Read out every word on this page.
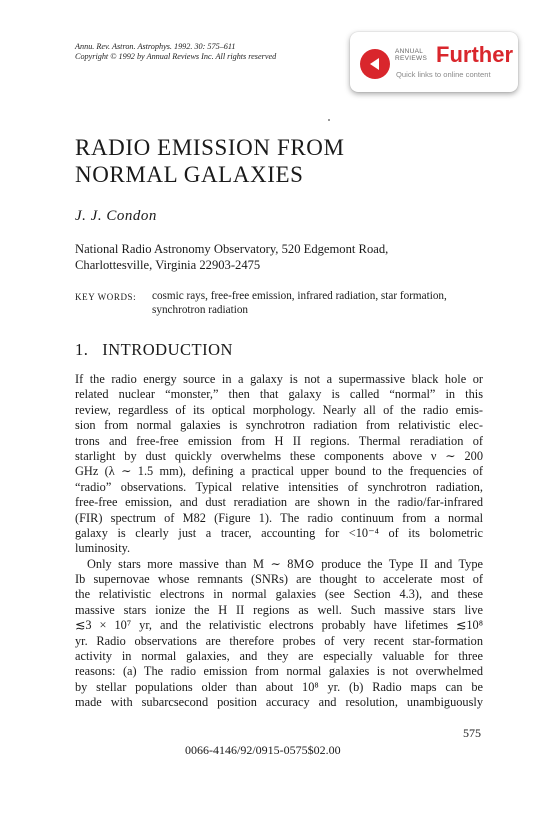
Annu. Rev. Astron. Astrophys. 1992. 30: 575–611
Copyright © 1992 by Annual Reviews Inc. All rights reserved
ANNUAL
REVIEWS Further
Quick links to online content
RADIO EMISSION FROM
NORMAL GALAXIES
J. J. Condon
National Radio Astronomy Observatory, 520 Edgemont Road,
Charlottesville, Virginia 22903-2475
KEY WORDS: cosmic rays, free-free emission, infrared radiation, star formation,
synchrotron radiation
1. INTRODUCTION
If the radio energy source in a galaxy is not a supermassive black hole or
related nuclear “monster,” then that galaxy is called “normal” in this
review, regardless of its optical morphology. Nearly all of the radio emis-
sion from normal galaxies is synchrotron radiation from relativistic elec-
trons and free-free emission from H II regions. Thermal reradiation of
starlight by dust quickly overwhelms these components above ν ∼ 200
GHz (λ ∼ 1.5 mm), defining a practical upper bound to the frequencies of
“radio” observations. Typical relative intensities of synchrotron radiation,
free-free emission, and dust reradiation are shown in the radio/far-infrared
(FIR) spectrum of M82 (Figure 1). The radio continuum from a normal
galaxy is clearly just a tracer, accounting for <10⁻⁴ of its bolometric
luminosity.
Only stars more massive than M ∼ 8M⊙ produce the Type II and Type
Ib supernovae whose remnants (SNRs) are thought to accelerate most of
the relativistic electrons in normal galaxies (see Section 4.3), and these
massive stars ionize the H II regions as well. Such massive stars live
≲3 × 10⁷ yr, and the relativistic electrons probably have lifetimes ≲10⁸
yr. Radio observations are therefore probes of very recent star-formation
activity in normal galaxies, and they are especially valuable for three
reasons: (a) The radio emission from normal galaxies is not overwhelmed
by stellar populations older than about 10⁸ yr. (b) Radio maps can be
made with subarcsecond position accuracy and resolution, unambiguously
575
0066-4146/92/0915-0575$02.00
